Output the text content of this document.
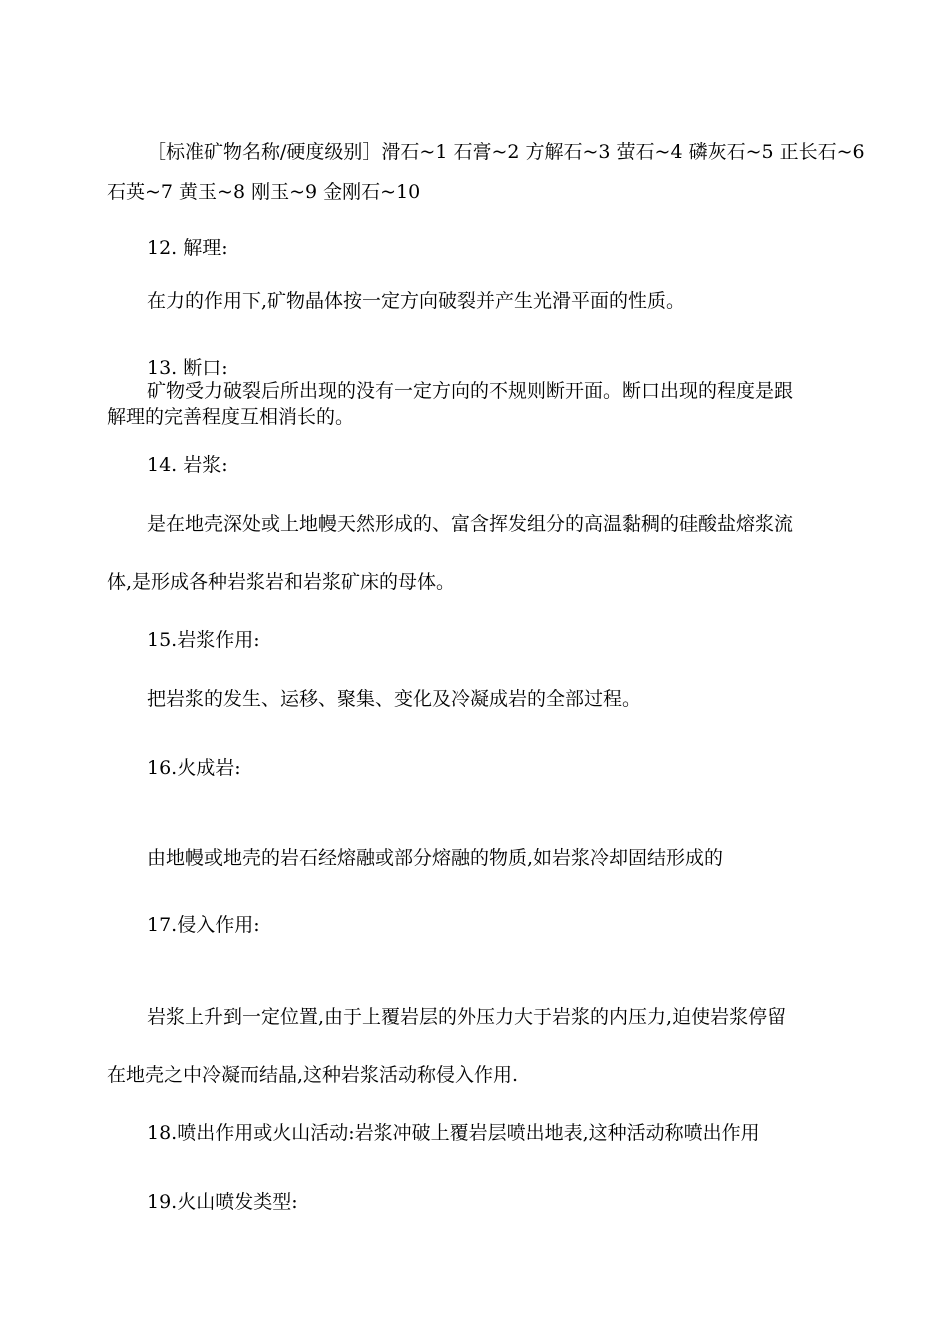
［标准矿物名称/硬度级别］滑石~1 石膏~2 方解石~3 萤石~4 磷灰石~5 正长石~6
石英~7 黄玉~8 刚玉~9 金刚石~10
12. 解理:
在力的作用下,矿物晶体按一定方向破裂并产生光滑平面的性质。
13. 断口:
矿物受力破裂后所出现的没有一定方向的不规则断开面。断口出现的程度是跟
解理的完善程度互相消长的。
14. 岩浆:
是在地壳深处或上地幔天然形成的、富含挥发组分的高温黏稠的硅酸盐熔浆流
体,是形成各种岩浆岩和岩浆矿床的母体。
15.岩浆作用:
把岩浆的发生、运移、聚集、变化及冷凝成岩的全部过程。
16.火成岩:
由地幔或地壳的岩石经熔融或部分熔融的物质,如岩浆冷却固结形成的
17.侵入作用:
岩浆上升到一定位置,由于上覆岩层的外压力大于岩浆的内压力,迫使岩浆停留
在地壳之中冷凝而结晶,这种岩浆活动称侵入作用.
18.喷出作用或火山活动:岩浆冲破上覆岩层喷出地表,这种活动称喷出作用
19.火山喷发类型:
